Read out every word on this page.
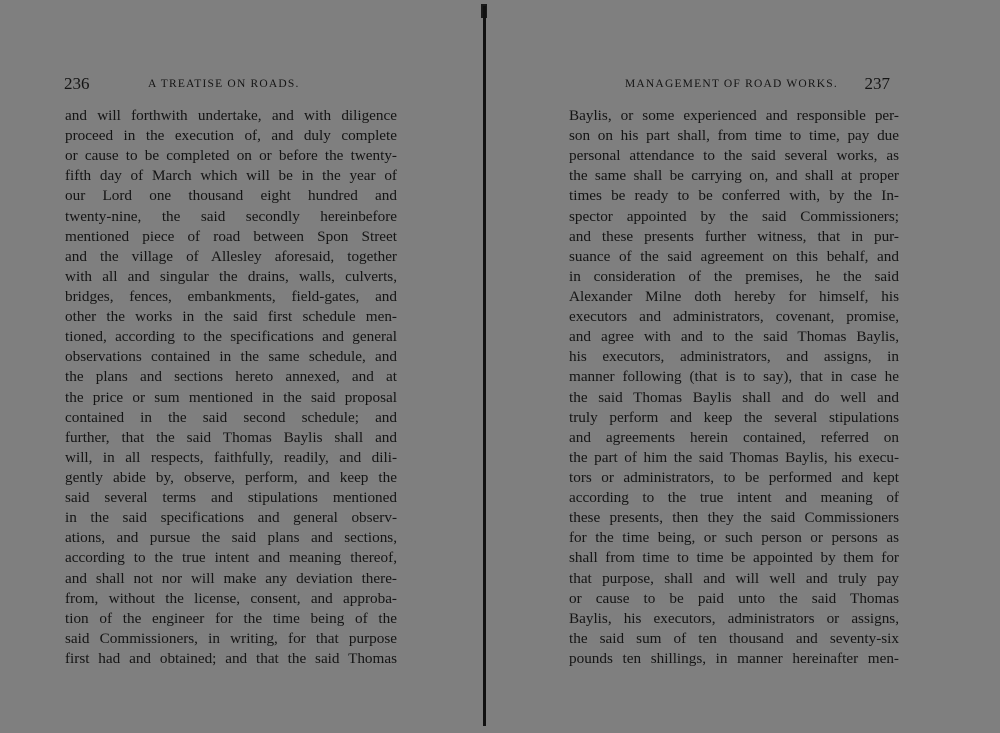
236	A TREATISE ON ROADS.
and will forthwith undertake, and with diligence
proceed in the execution of, and duly complete
or cause to be completed on or before the twenty-
fifth day of March which will be in the year of
our Lord one thousand eight hundred and
twenty-nine, the said secondly hereinbefore
mentioned piece of road between Spon Street
and the village of Allesley aforesaid, together
with all and singular the drains, walls, culverts,
bridges, fences, embankments, field-gates, and
other the works in the said first schedule men-
tioned, according to the specifications and general
observations contained in the same schedule, and
the plans and sections hereto annexed, and at
the price or sum mentioned in the said proposal
contained in the said second schedule; and
further, that the said Thomas Baylis shall and
will, in all respects, faithfully, readily, and dili-
gently abide by, observe, perform, and keep the
said several terms and stipulations mentioned
in the said specifications and general observ-
ations, and pursue the said plans and sections,
according to the true intent and meaning thereof,
and shall not nor will make any deviation there-
from, without the license, consent, and approba-
tion of the engineer for the time being of the
said Commissioners, in writing, for that purpose
first had and obtained; and that the said Thomas
MANAGEMENT OF ROAD WORKS. 237
Baylis, or some experienced and responsible per-
son on his part shall, from time to time, pay due
personal attendance to the said several works, as
the same shall be carrying on, and shall at proper
times be ready to be conferred with, by the In-
spector appointed by the said Commissioners;
and these presents further witness, that in pur-
suance of the said agreement on this behalf, and
in consideration of the premises, he the said
Alexander Milne doth hereby for himself, his
executors and administrators, covenant, promise,
and agree with and to the said Thomas Baylis,
his executors, administrators, and assigns, in
manner following (that is to say), that in case he
the said Thomas Baylis shall and do well and
truly perform and keep the several stipulations
and agreements herein contained, referred on
the part of him the said Thomas Baylis, his execu-
tors or administrators, to be performed and kept
according to the true intent and meaning of
these presents, then they the said Commissioners
for the time being, or such person or persons as
shall from time to time be appointed by them for
that purpose, shall and will well and truly pay
or cause to be paid unto the said Thomas
Baylis, his executors, administrators or assigns,
the said sum of ten thousand and seventy-six
pounds ten shillings, in manner hereinafter men-
